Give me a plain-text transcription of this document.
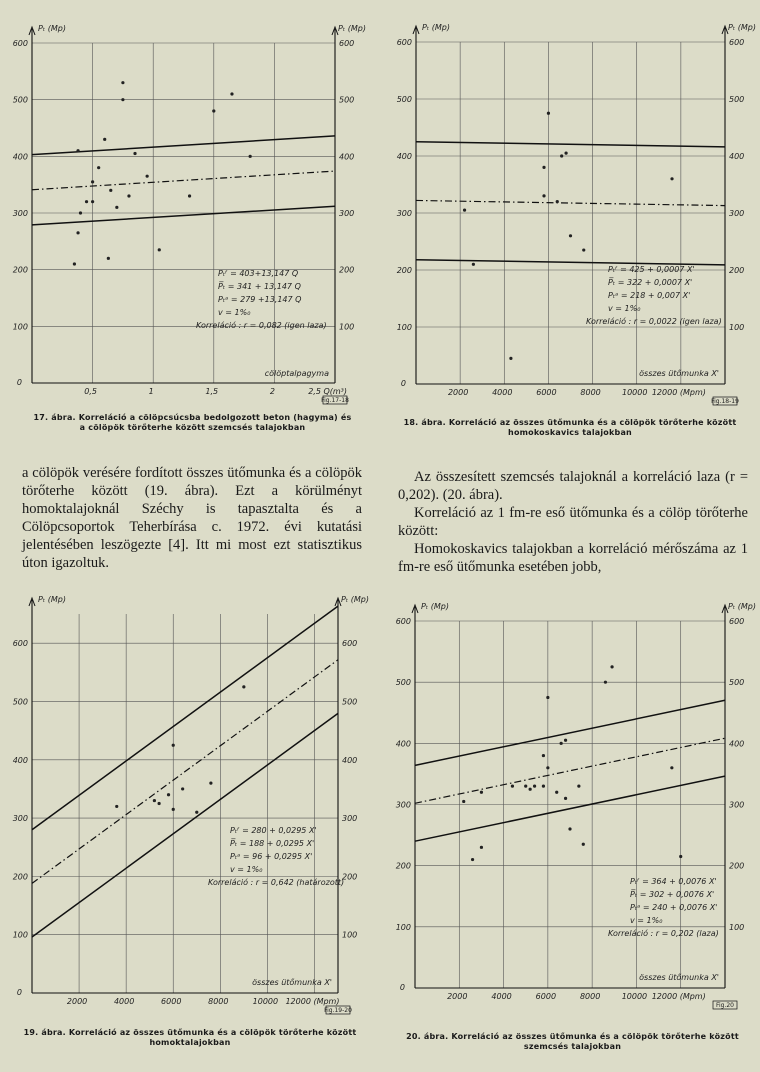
Pₜ (Mp)	Pₜ (Mp)
100	100
200	200
300	300
400	400
500	500
600	600
0
0,5	1	1,5	2
cölöptalpagyma
2,5 Q(m³)
Pₜᶠ = 403+13,147 Q
P̅ₜ = 341 + 13,147 Q
Pₜᵃ = 279 +13,147 Q
v = 1%₀
Korreláció : r = 0,082 (igen laza)
Fig.17-18
17. ábra. Korreláció a cölöpcsúcsba bedolgozott beton (hagyma) és
a cölöpök törőterhe között szemcsés talajokban
Pₜ (Mp)	Pₜ (Mp)
100	100
200	200
300	300
400	400
500	500
600	600
0
2000	4000	6000	8000	10000 12000 (Mpm)
összes ütőmunka X'
Pₜᶠ = 425 + 0,0007 X'
P̅ₜ = 322 + 0,0007 X'
Pₜᵃ = 218 + 0,007 X'
v = 1%₀
Korreláció : r = 0,0022 (igen laza)
Fig.18-19
18. ábra. Korreláció az összes ütőmunka és a cölöpök törőterhe között
homokoskavics talajokban

a cölöpök verésére fordított összes ütőmunka és a cölöpök törőterhe között (19. ábra). Ezt a körülményt homoktalajoknál Széchy is tapasztalta és a Cölöpcsoportok Teherbírása c. 1972. évi kutatási jelentésében leszögezte [4]. Itt mi most ezt statisztikus úton igazoltuk.

Az összesített szemcsés talajoknál a korreláció laza (r = 0,202). (20. ábra).

Korreláció az 1 fm-re eső ütőmunka és a cölöp törőterhe között:

Homokoskavics talajokban a korreláció mérőszáma az 1 fm-re eső ütőmunka esetében jobb,

Pₜ (Mp)	Pₜ (Mp)
100	100
200	200
300	300
400	400
500	500
600	600
0
2000	4000	6000	8000	10000 12000 (Mpm)
összes ütőmunka X'
Pₜᶠ = 280 + 0,0295 X'
P̅ₜ = 188 + 0,0295 X'
Pₜᵃ = 96 + 0,0295 X'
v = 1%₀
Korreláció : r = 0,642 (határozott)
Fig.19-20
19. ábra. Korreláció az összes ütőmunka és a cölöpök törőterhe között
homoktalajokban
Pₜ (Mp)	Pₜ (Mp)
100	100
200	200
300	300
400	400
500	500
600	600
0
2000	4000	6000	8000	10000 12000 (Mpm)
összes ütőmunka X'
Pₜᶠ = 364 + 0,0076 X'
P̅ₜ = 302 + 0,0076 X'
Pₜᵃ = 240 + 0,0076 X'
v = 1%₀
Korreláció : r = 0,202 (laza)
Fig.20
20. ábra. Korreláció az összes ütőmunka és a cölöpök törőterhe között
szemcsés talajokban
